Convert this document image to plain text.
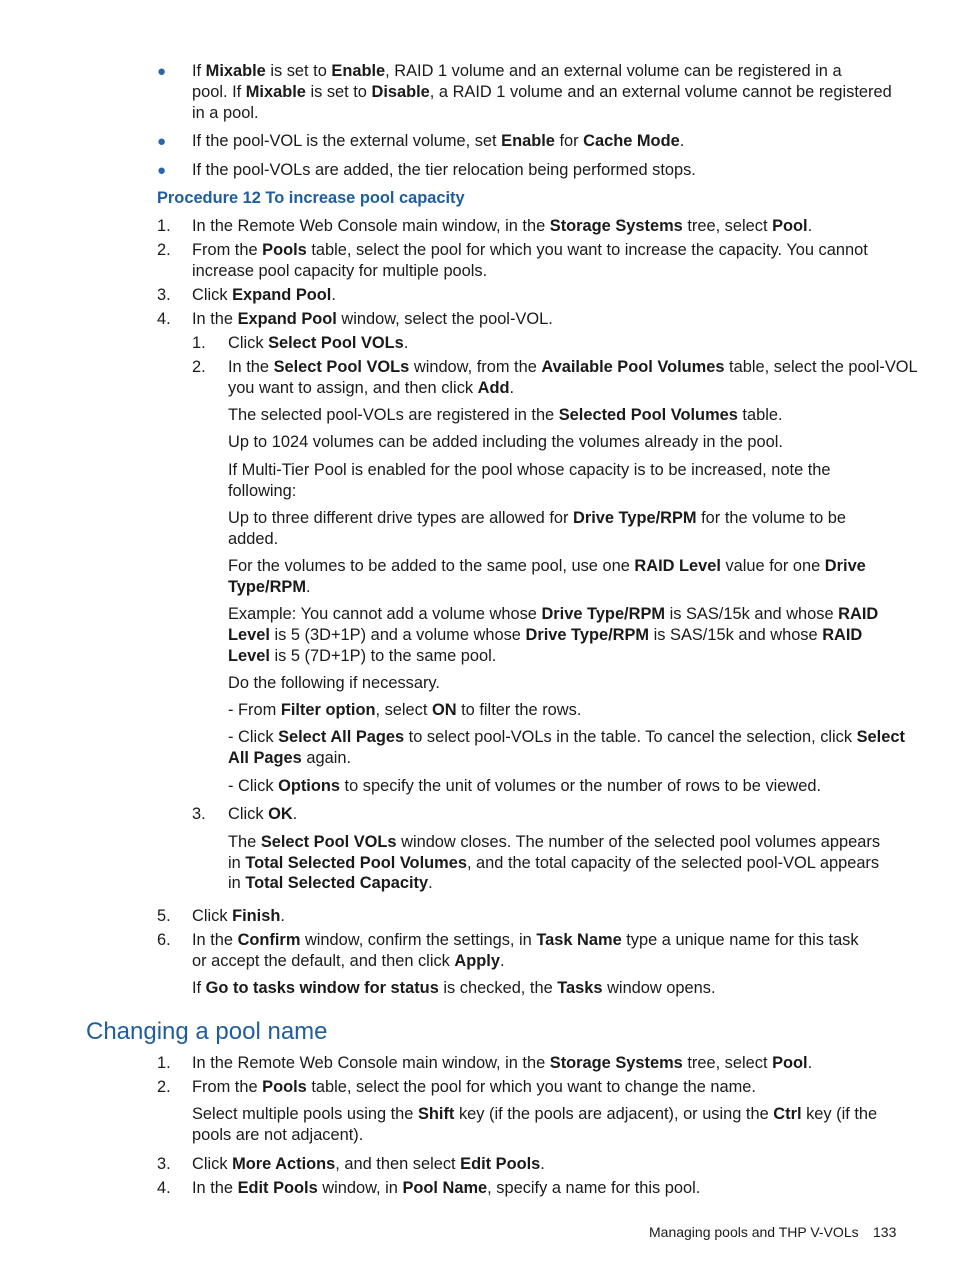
● If Mixable is set to Enable, RAID 1 volume and an external volume can be registered in a
pool. If Mixable is set to Disable, a RAID 1 volume and an external volume cannot be registered
in a pool.
● If the pool-VOL is the external volume, set Enable for Cache Mode.
● If the pool-VOLs are added, the tier relocation being performed stops.
Procedure 12 To increase pool capacity
1. In the Remote Web Console main window, in the Storage Systems tree, select Pool.
2. From the Pools table, select the pool for which you want to increase the capacity. You cannot
increase pool capacity for multiple pools.
3. Click Expand Pool.
4. In the Expand Pool window, select the pool-VOL.
1. Click Select Pool VOLs.
2. In the Select Pool VOLs window, from the Available Pool Volumes table, select the pool-VOL
you want to assign, and then click Add.
The selected pool-VOLs are registered in the Selected Pool Volumes table.
Up to 1024 volumes can be added including the volumes already in the pool.
If Multi-Tier Pool is enabled for the pool whose capacity is to be increased, note the
following:
Up to three different drive types are allowed for Drive Type/RPM for the volume to be
added.
For the volumes to be added to the same pool, use one RAID Level value for one Drive
Type/RPM.
Example: You cannot add a volume whose Drive Type/RPM is SAS/15k and whose RAID
Level is 5 (3D+1P) and a volume whose Drive Type/RPM is SAS/15k and whose RAID
Level is 5 (7D+1P) to the same pool.
Do the following if necessary.
- From Filter option, select ON to filter the rows.
- Click Select All Pages to select pool-VOLs in the table. To cancel the selection, click Select
All Pages again.
- Click Options to specify the unit of volumes or the number of rows to be viewed.
3. Click OK.
The Select Pool VOLs window closes. The number of the selected pool volumes appears
in Total Selected Pool Volumes, and the total capacity of the selected pool-VOL appears
in Total Selected Capacity.
5. Click Finish.
6. In the Confirm window, confirm the settings, in Task Name type a unique name for this task
or accept the default, and then click Apply.
If Go to tasks window for status is checked, the Tasks window opens.
Changing a pool name
1. In the Remote Web Console main window, in the Storage Systems tree, select Pool.
2. From the Pools table, select the pool for which you want to change the name.
Select multiple pools using the Shift key (if the pools are adjacent), or using the Ctrl key (if the
pools are not adjacent).
3. Click More Actions, and then select Edit Pools.
4. In the Edit Pools window, in Pool Name, specify a name for this pool.
Managing pools and THP V-VOLs 133
